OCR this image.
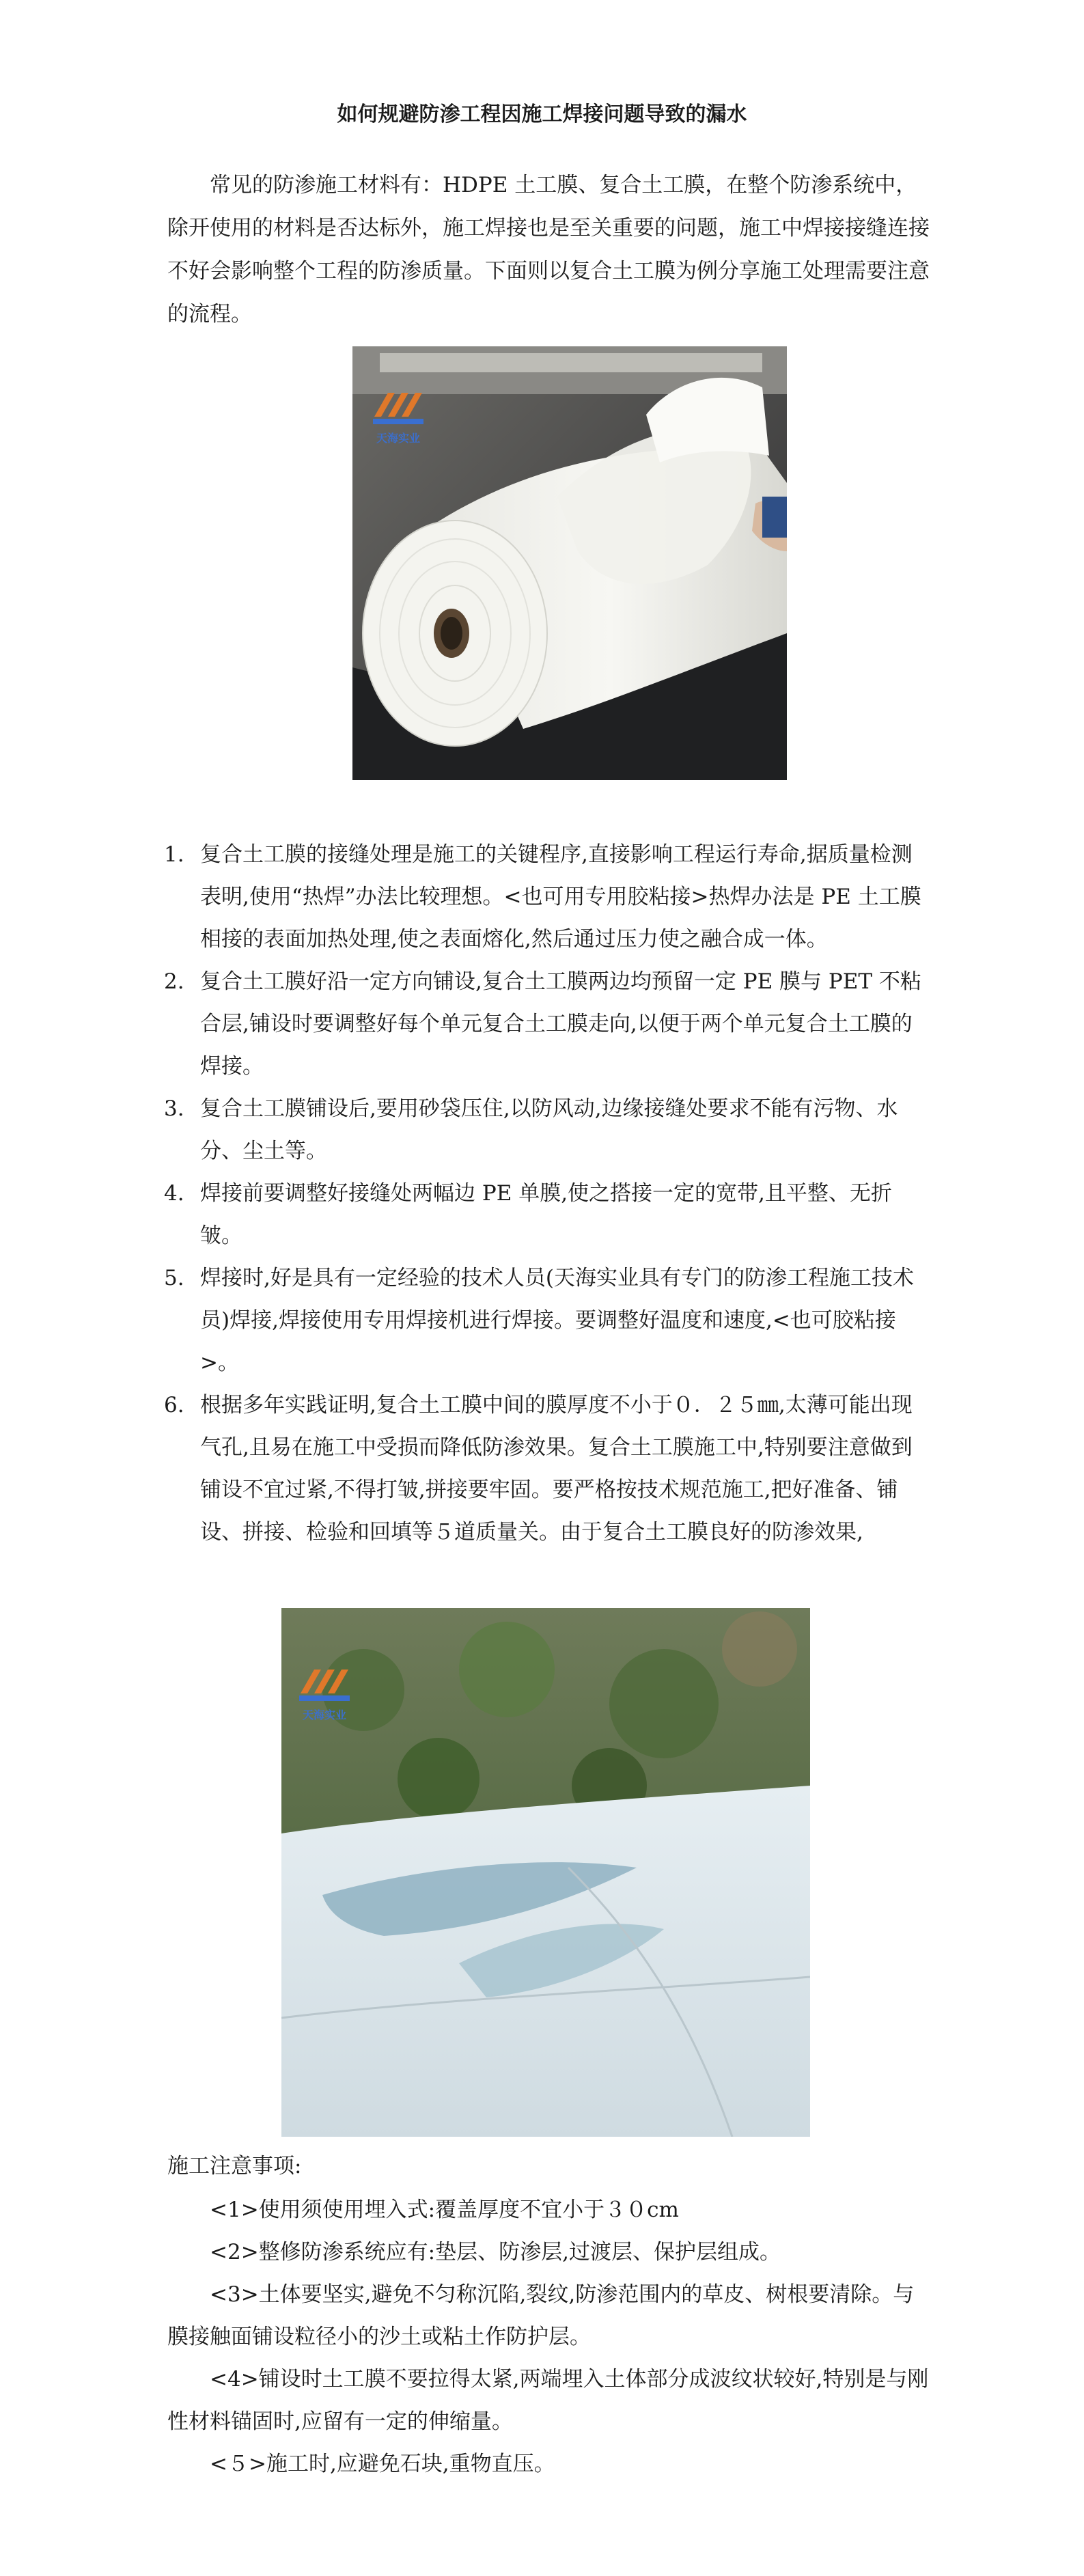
如何规避防渗工程因施工焊接问题导致的漏水

常见的防渗施工材料有：HDPE 土工膜、复合土工膜，在整个防渗系统中，除开使用的材料是否达标外，施工焊接也是至关重要的问题，施工中焊接接缝连接不好会影响整个工程的防渗质量。下面则以复合土工膜为例分享施工处理需要注意的流程。

天海实业
1. 复合土工膜的接缝处理是施工的关键程序,直接影响工程运行寿命,据质量检测表明,使用“热焊”办法比较理想。<也可用专用胶粘接>热焊办法是 PE 土工膜相接的表面加热处理,使之表面熔化,然后通过压力使之融合成一体。
2. 复合土工膜好沿一定方向铺设,复合土工膜两边均预留一定 PE 膜与 PET 不粘合层,铺设时要调整好每个单元复合土工膜走向,以便于两个单元复合土工膜的焊接。
3. 复合土工膜铺设后,要用砂袋压住,以防风动,边缘接缝处要求不能有污物、水分、尘土等。
4. 焊接前要调整好接缝处两幅边 PE 单膜,使之搭接一定的宽带,且平整、无折皱。
5. 焊接时,好是具有一定经验的技术人员(天海实业具有专门的防渗工程施工技术员)焊接,焊接使用专用焊接机进行焊接。要调整好温度和速度,<也可胶粘接>。
6. 根据多年实践证明,复合土工膜中间的膜厚度不小于０．２５㎜,太薄可能出现气孔,且易在施工中受损而降低防渗效果。复合土工膜施工中,特别要注意做到铺设不宜过紧,不得打皱,拼接要牢固。要严格按技术规范施工,把好准备、铺设、拼接、检验和回填等５道质量关。由于复合土工膜良好的防渗效果,
天海实业

施工注意事项:

<1>使用须使用埋入式:覆盖厚度不宜小于３０cm
<2>整修防渗系统应有:垫层、防渗层,过渡层、保护层组成。
<3>土体要坚实,避免不匀称沉陷,裂纹,防渗范围内的草皮、树根要清除。与膜接触面铺设粒径小的沙土或粘土作防护层。
<4>铺设时土工膜不要拉得太紧,两端埋入土体部分成波纹状较好,特别是与刚性材料锚固时,应留有一定的伸缩量。
<５>施工时,应避免石块,重物直压。
